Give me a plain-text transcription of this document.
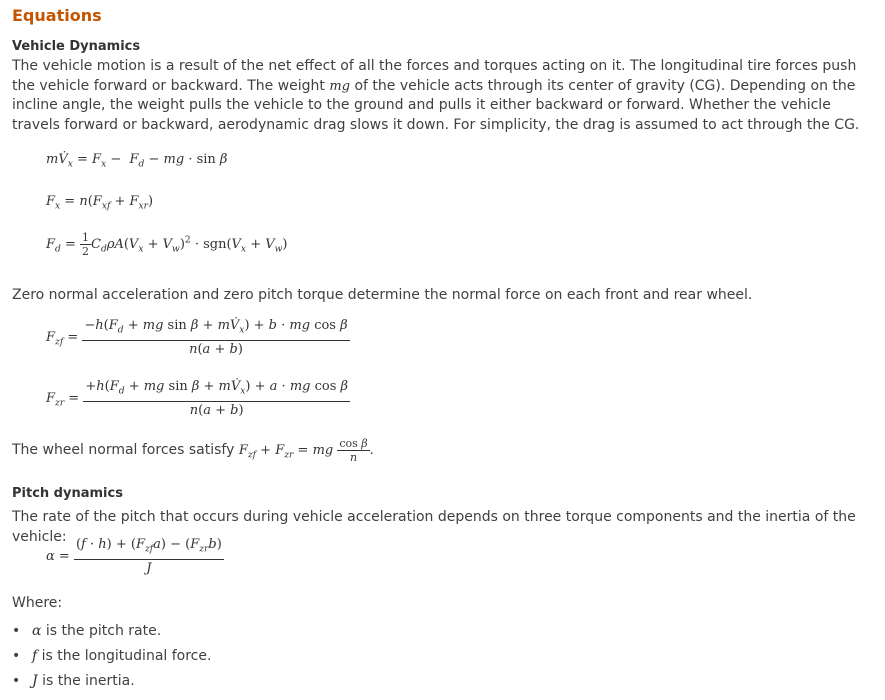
Equations
Vehicle Dynamics

The vehicle motion is a result of the net effect of all the forces and torques acting on it. The longitudinal tire forces push the vehicle forward or backward. The weight mg of the vehicle acts through its center of gravity (CG). Depending on the incline angle, the weight pulls the vehicle to the ground and pulls it either backward or forward. Whether the vehicle travels forward or backward, aerodynamic drag slows it down. For simplicity, the drag is assumed to act through the CG.

$mV̇_x = F_x - F_d$ − mg · sin β
$F_x = n(F_{xf} + F_{xr})$
$F_d = \frac{1}{2} C_d\rho A(V_x + V_w)^2 \cdot sgn(V_x + V_w)$

Zero normal acceleration and zero pitch torque determine the normal force on each front and rear wheel.

$F_{zf} = \frac{-h(F_d + mg \sin \beta + mV̇_x) + b \cdot mg \cos \beta}{n(a + b)}$
$F_{zr} = \frac{+h(F_d + mg \sin \beta + mV̇_x) + a \cdot mg \cos \beta}{n(a + b)}$
The wheel normal forces satisfy $F_{zf} + F_{zr}$ = mg $\frac{\text{cos β}}{n}$ .
Pitch dynamics

The rate of the pitch that occurs during vehicle acceleration depends on three torque components and the inertia of the vehicle:

$\alpha = \frac{(f \cdot h) + (F_{zf}a) - (F_{zr}b)}{J}$

Where:

• α is the pitch rate.
• f is the longitudinal force.
• J is the inertia.
